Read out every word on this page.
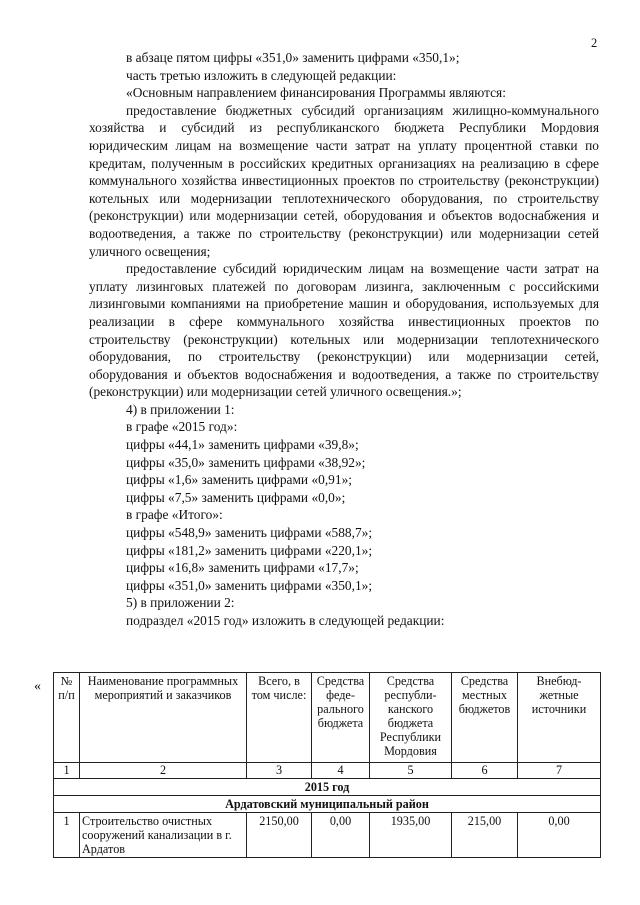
2

в абзаце пятом цифры «351,0» заменить цифрами «350,1»;

часть третью изложить в следующей редакции:

«Основным направлением финансирования Программы являются:

предоставление бюджетных субсидий организациям жилищно-коммунального хозяйства и субсидий из республиканского бюджета Республики Мордовия юридическим лицам на возмещение части затрат на уплату процентной ставки по кредитам, полученным в российских кредитных организациях на реализацию в сфере коммунального хозяйства инвестиционных проектов по строительству (реконструкции) котельных или модернизации теплотехнического оборудования, по строительству (реконструкции) или модернизации сетей, оборудования и объектов водоснабжения и водоотведения, а также по строительству (реконструкции) или модернизации сетей уличного освещения;

предоставление субсидий юридическим лицам на возмещение части затрат на уплату лизинговых платежей по договорам лизинга, заключенным с российскими лизинговыми компаниями на приобретение машин и оборудования, используемых для реализации в сфере коммунального хозяйства инвестиционных проектов по строительству (реконструкции) котельных или модернизации теплотехнического оборудования, по строительству (реконструкции) или модернизации сетей, оборудования и объектов водоснабжения и водоотведения, а также по строительству (реконструкции) или модернизации сетей уличного освещения.»;

4) в приложении 1:

в графе «2015 год»:

цифры «44,1» заменить цифрами «39,8»;

цифры «35,0» заменить цифрами «38,92»;

цифры «1,6» заменить цифрами «0,91»;

цифры «7,5» заменить цифрами «0,0»;

в графе «Итого»:

цифры «548,9» заменить цифрами «588,7»;

цифры «181,2» заменить цифрами «220,1»;

цифры «16,8» заменить цифрами «17,7»;

цифры «351,0» заменить цифрами «350,1»;

5) в приложении 2:

подраздел «2015 год» изложить в следующей редакции:

« № п/п	Наименование программных мероприятий и заказчиков	Всего, в том числе:	Средства феде-рального бюджета	Средства республи-канского бюджета Республики Мордовия	Средства местных бюджетов	Внебюд-жетные источники
1	2	3	4	5	6	7
2015 год						
Ардатовский муниципальный район						
1	Строительство очистных сооружений канализации в г. Ардатов	2150,00	0,00	1935,00	215,00	0,00
